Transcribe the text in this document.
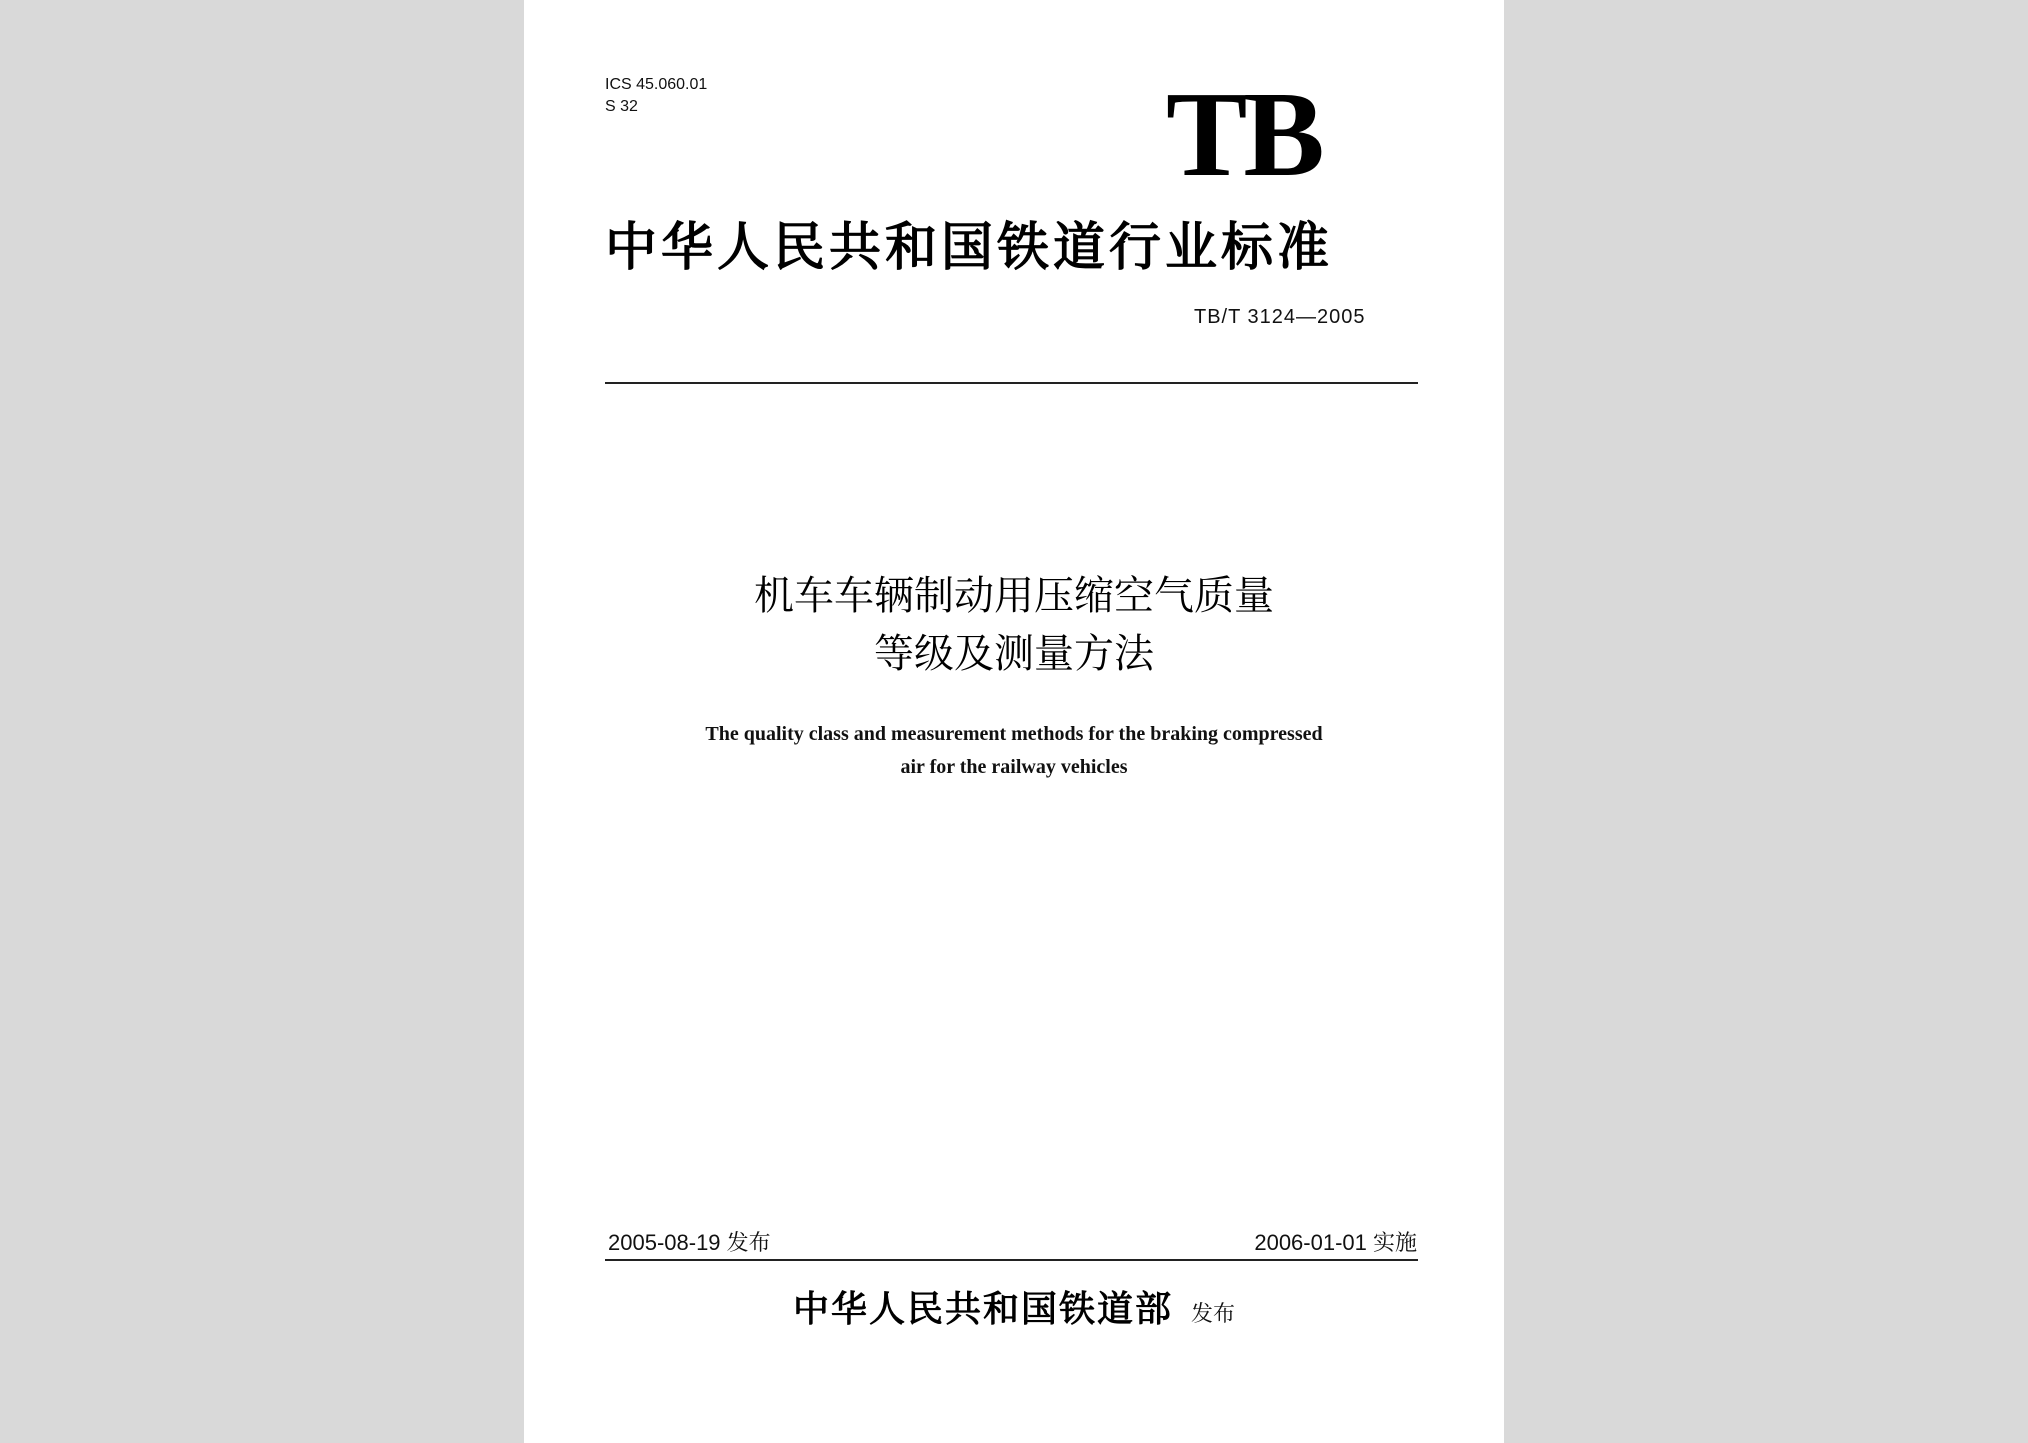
ICS 45.060.01
S 32	TB
中华人民共和国铁道行业标准
TB/T 3124—2005
机车车辆制动用压缩空气质量
等级及测量方法
The quality class and measurement methods for the braking compressed
air for the railway vehicles
2005-08-19 发布	2006-01-01 实施
中华人民共和国铁道部 发布
